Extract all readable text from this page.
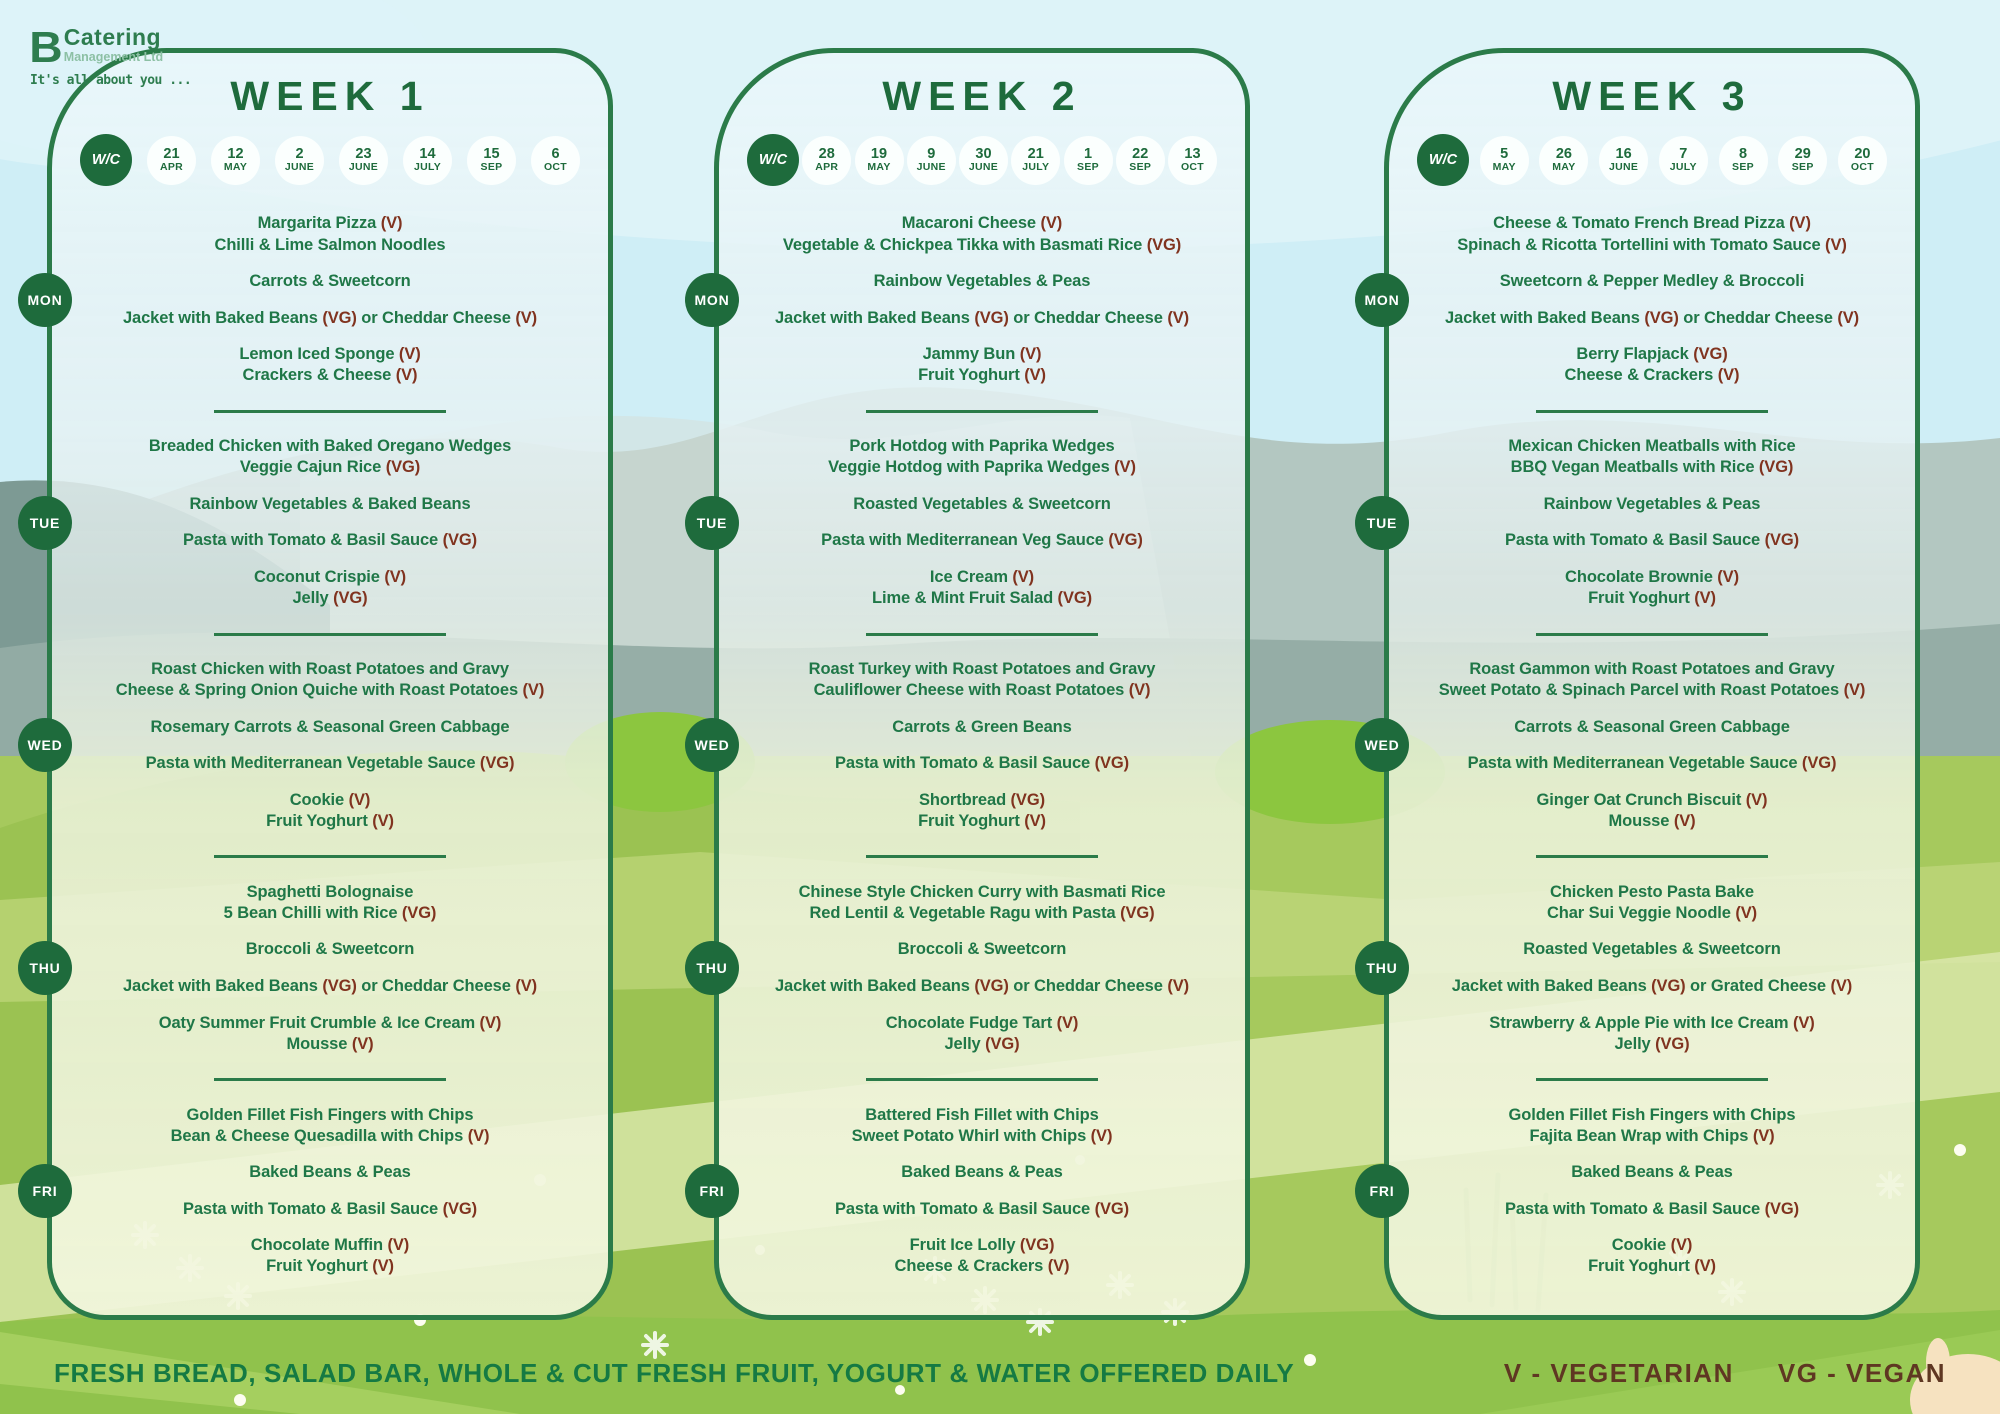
B Catering
Management Ltd
It's all about you ... WEEK 1
W/C	21
APR
12
MAY
2
JUNE
23
JUNE
14
JULY
15
SEP
6
OCT
MON
Margarita Pizza (V)
Chilli & Lime Salmon Noodles
Carrots & Sweetcorn
Jacket with Baked Beans (VG) or Cheddar Cheese (V)
Lemon Iced Sponge (V)
Crackers & Cheese (V)
TUE
Breaded Chicken with Baked Oregano Wedges
Veggie Cajun Rice (VG)
Rainbow Vegetables & Baked Beans
Pasta with Tomato & Basil Sauce (VG)
Coconut Crispie (V)
Jelly (VG)
WED
Roast Chicken with Roast Potatoes and Gravy
Cheese & Spring Onion Quiche with Roast Potatoes (V)
Rosemary Carrots & Seasonal Green Cabbage
Pasta with Mediterranean Vegetable Sauce (VG)
Cookie (V)
Fruit Yoghurt (V)
THU
Spaghetti Bolognaise
5 Bean Chilli with Rice (VG)
Broccoli & Sweetcorn
Jacket with Baked Beans (VG) or Cheddar Cheese (V)
Oaty Summer Fruit Crumble & Ice Cream (V)
Mousse (V)
FRI
Golden Fillet Fish Fingers with Chips
Bean & Cheese Quesadilla with Chips (V)
Baked Beans & Peas
Pasta with Tomato & Basil Sauce (VG)
Chocolate Muffin (V)
Fruit Yoghurt (V)
WEEK 2
W/C	28
APR
19
MAY
9
JUNE
30
JUNE
21
JULY
1
SEP
22
SEP
13
OCT
MON
Macaroni Cheese (V)
Vegetable & Chickpea Tikka with Basmati Rice (VG)
Rainbow Vegetables & Peas
Jacket with Baked Beans (VG) or Cheddar Cheese (V)
Jammy Bun (V)
Fruit Yoghurt (V)
TUE
Pork Hotdog with Paprika Wedges
Veggie Hotdog with Paprika Wedges (V)
Roasted Vegetables & Sweetcorn
Pasta with Mediterranean Veg Sauce (VG)
Ice Cream (V)
Lime & Mint Fruit Salad (VG)
WED
Roast Turkey with Roast Potatoes and Gravy
Cauliflower Cheese with Roast Potatoes (V)
Carrots & Green Beans
Pasta with Tomato & Basil Sauce (VG)
Shortbread (VG)
Fruit Yoghurt (V)
THU
Chinese Style Chicken Curry with Basmati Rice
Red Lentil & Vegetable Ragu with Pasta (VG)
Broccoli & Sweetcorn
Jacket with Baked Beans (VG) or Cheddar Cheese (V)
Chocolate Fudge Tart (V)
Jelly (VG)
FRI
Battered Fish Fillet with Chips
Sweet Potato Whirl with Chips (V)
Baked Beans & Peas
Pasta with Tomato & Basil Sauce (VG)
Fruit Ice Lolly (VG)
Cheese & Crackers (V)
WEEK 3
W/C	5
MAY
26
MAY
16
JUNE
7
JULY
8
SEP
29
SEP
20
OCT
MON
Cheese & Tomato French Bread Pizza (V)
Spinach & Ricotta Tortellini with Tomato Sauce (V)
Sweetcorn & Pepper Medley & Broccoli
Jacket with Baked Beans (VG) or Cheddar Cheese (V)
Berry Flapjack (VG)
Cheese & Crackers (V)
TUE
Mexican Chicken Meatballs with Rice
BBQ Vegan Meatballs with Rice (VG)
Rainbow Vegetables & Peas
Pasta with Tomato & Basil Sauce (VG)
Chocolate Brownie (V)
Fruit Yoghurt (V)
WED
Roast Gammon with Roast Potatoes and Gravy
Sweet Potato & Spinach Parcel with Roast Potatoes (V)
Carrots & Seasonal Green Cabbage
Pasta with Mediterranean Vegetable Sauce (VG)
Ginger Oat Crunch Biscuit (V)
Mousse (V)
THU
Chicken Pesto Pasta Bake
Char Sui Veggie Noodle (V)
Roasted Vegetables & Sweetcorn
Jacket with Baked Beans (VG) or Grated Cheese (V)
Strawberry & Apple Pie with Ice Cream (V)
Jelly (VG)
FRI
Golden Fillet Fish Fingers with Chips
Fajita Bean Wrap with Chips (V)
Baked Beans & Peas
Pasta with Tomato & Basil Sauce (VG)
Cookie (V)
Fruit Yoghurt (V)
FRESH BREAD, SALAD BAR, WHOLE & CUT FRESH FRUIT, YOGURT & WATER OFFERED DAILY	V - VEGETARIAN VG - VEGAN
